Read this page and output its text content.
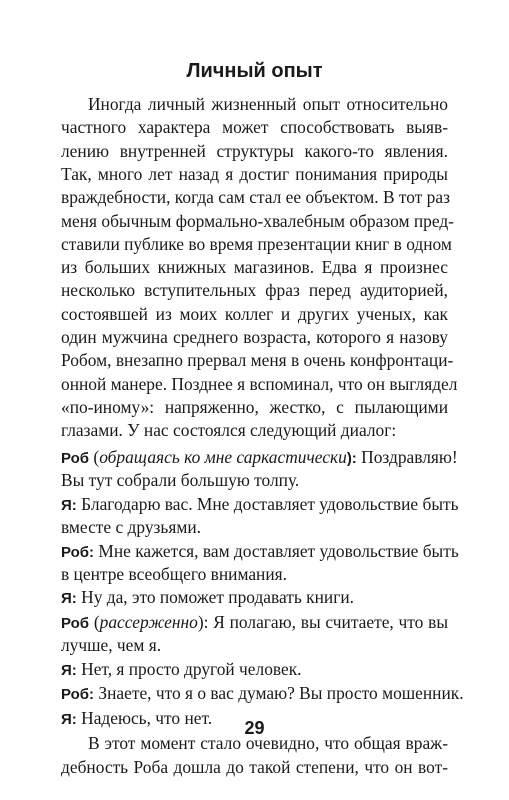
Личный опыт
Иногда личный жизненный опыт относительно
частного характера может способствовать выяв-
лению внутренней структуры какого-то явления.
Так, много лет назад я достиг понимания природы
враждебности, когда сам стал ее объектом. В тот раз
меня обычным формально-хвалебным образом пред-
ставили публике во время презентации книг в одном
из больших книжных магазинов. Едва я произнес
несколько вступительных фраз перед аудиторией,
состоявшей из моих коллег и других ученых, как
один мужчина среднего возраста, которого я назову
Робом, внезапно прервал меня в очень конфронтаци-
онной манере. Позднее я вспоминал, что он выглядел
«по-иному»: напряженно, жестко, с пылающими
глазами. У нас состоялся следующий диалог:
Роб (обращаясь ко мне саркастически): Поздравляю!
Вы тут собрали большую толпу.
Я: Благодарю вас. Мне доставляет удовольствие быть
вместе с друзьями.
Роб: Мне кажется, вам доставляет удовольствие быть
в центре всеобщего внимания.
Я: Ну да, это поможет продавать книги.
Роб (рассерженно): Я полагаю, вы считаете, что вы
лучше, чем я.
Я: Нет, я просто другой человек.
Роб: Знаете, что я о вас думаю? Вы просто мошенник.
Я: Надеюсь, что нет.
В этот момент стало очевидно, что общая враж-
дебность Роба дошла до такой степени, что он вот-
29
